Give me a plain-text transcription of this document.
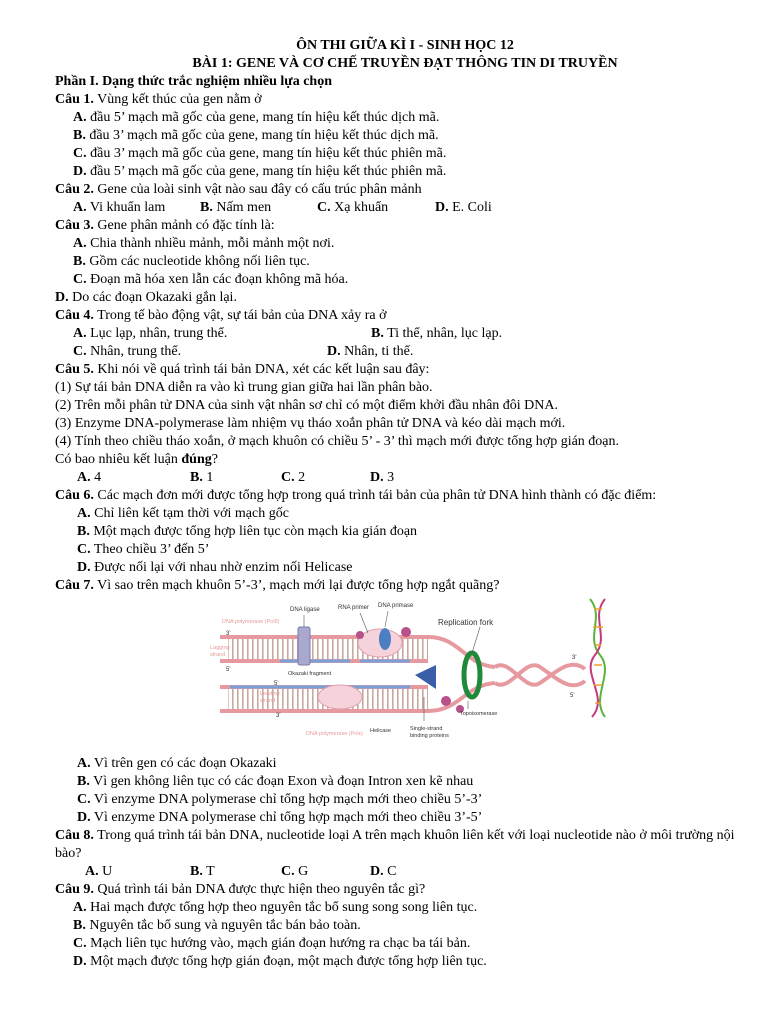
ÔN THI GIỮA KÌ I - SINH HỌC 12
BÀI 1: GENE VÀ CƠ CHẾ TRUYỀN ĐẠT THÔNG TIN DI TRUYỀN
Phần I. Dạng thức trắc nghiệm nhiều lựa chọn
Câu 1. Vùng kết thúc của gen nằm ở
A. đầu 5’ mạch mã gốc của gene, mang tín hiệu kết thúc dịch mã.
B. đầu 3’ mạch mã gốc của gene, mang tín hiệu kết thúc dịch mã.
C. đầu 3’ mạch mã gốc của gene, mang tín hiệu kết thúc phiên mã.
D. đầu 5’ mạch mã gốc của gene, mang tín hiệu kết thúc phiên mã.
Câu 2. Gene của loài sinh vật nào sau đây có cấu trúc phân mảnh
A. Vi khuẩn lam B. Nấm men	C. Xạ khuẩn	D. E. Coli
Câu 3. Gene phân mảnh có đặc tính là:
A. Chia thành nhiều mảnh, mỗi mảnh một nơi.
B. Gồm các nucleotide không nối liên tục.
C. Đoạn mã hóa xen lẫn các đoạn không mã hóa.
D. Do các đoạn Okazaki gắn lại.
Câu 4. Trong tế bào động vật, sự tái bản của DNA xảy ra ở
A. Lục lạp, nhân, trung thể.	B. Ti thể, nhân, lục lạp.
C. Nhân, trung thể.	D. Nhân, ti thể.
Câu 5. Khi nói về quá trình tái bản DNA, xét các kết luận sau đây:
(1) Sự tái bản DNA diễn ra vào kì trung gian giữa hai lần phân bào.
(2) Trên mỗi phân tử DNA của sinh vật nhân sơ chỉ có một điểm khởi đầu nhân đôi DNA.
(3) Enzyme DNA-polymerase làm nhiệm vụ tháo xoắn phân tử DNA và kéo dài mạch mới.
(4) Tính theo chiều tháo xoắn, ở mạch khuôn có chiều 5’ - 3’ thì mạch mới được tổng hợp gián đoạn.
Có bao nhiêu kết luận đúng?
A. 4	B. 1	C. 2	D. 3
Câu 6. Các mạch đơn mới được tổng hợp trong quá trình tái bản của phân tử DNA hình thành có đặc điểm:
A. Chỉ liên kết tạm thời với mạch gốc
B. Một mạch được tổng hợp liên tục còn mạch kia gián đoạn
C. Theo chiều 3’ đến 5’
D. Được nối lại với nhau nhờ enzim nối Helicase
Câu 7. Vì sao trên mạch khuôn 5’-3’, mạch mới lại được tổng hợp ngắt quãng?
DNA ligase	RNA primer DNA primase
DNA polymerase (Polδ)	Replication fork
Lagging
strand
Okazaki fragment
Leading
strand
Topoisomerase
Helicase	Single-strand
binding proteins
DNA polymerase (Polε)
3'
5'
5'
3'
3'
5'
A. Vì trên gen có các đoạn Okazaki
B. Vì gen không liên tục có các đoạn Exon và đoạn Intron xen kẽ nhau
C. Vì enzyme DNA polymerase chỉ tổng hợp mạch mới theo chiều 5’-3’
D. Vì enzyme DNA polymerase chỉ tổng hợp mạch mới theo chiều 3’-5’
Câu 8. Trong quá trình tái bản DNA, nucleotide loại A trên mạch khuôn liên kết với loại nucleotide nào ở môi trường nội bào?
A. U	B. T	C. G	D. C
Câu 9. Quá trình tái bản DNA được thực hiện theo nguyên tắc gì?
A. Hai mạch được tổng hợp theo nguyên tắc bổ sung song song liên tục.
B. Nguyên tắc bổ sung và nguyên tắc bán bảo toàn.
C. Mạch liên tục hướng vào, mạch gián đoạn hướng ra chạc ba tái bản.
D. Một mạch được tổng hợp gián đoạn, một mạch được tổng hợp liên tục.
